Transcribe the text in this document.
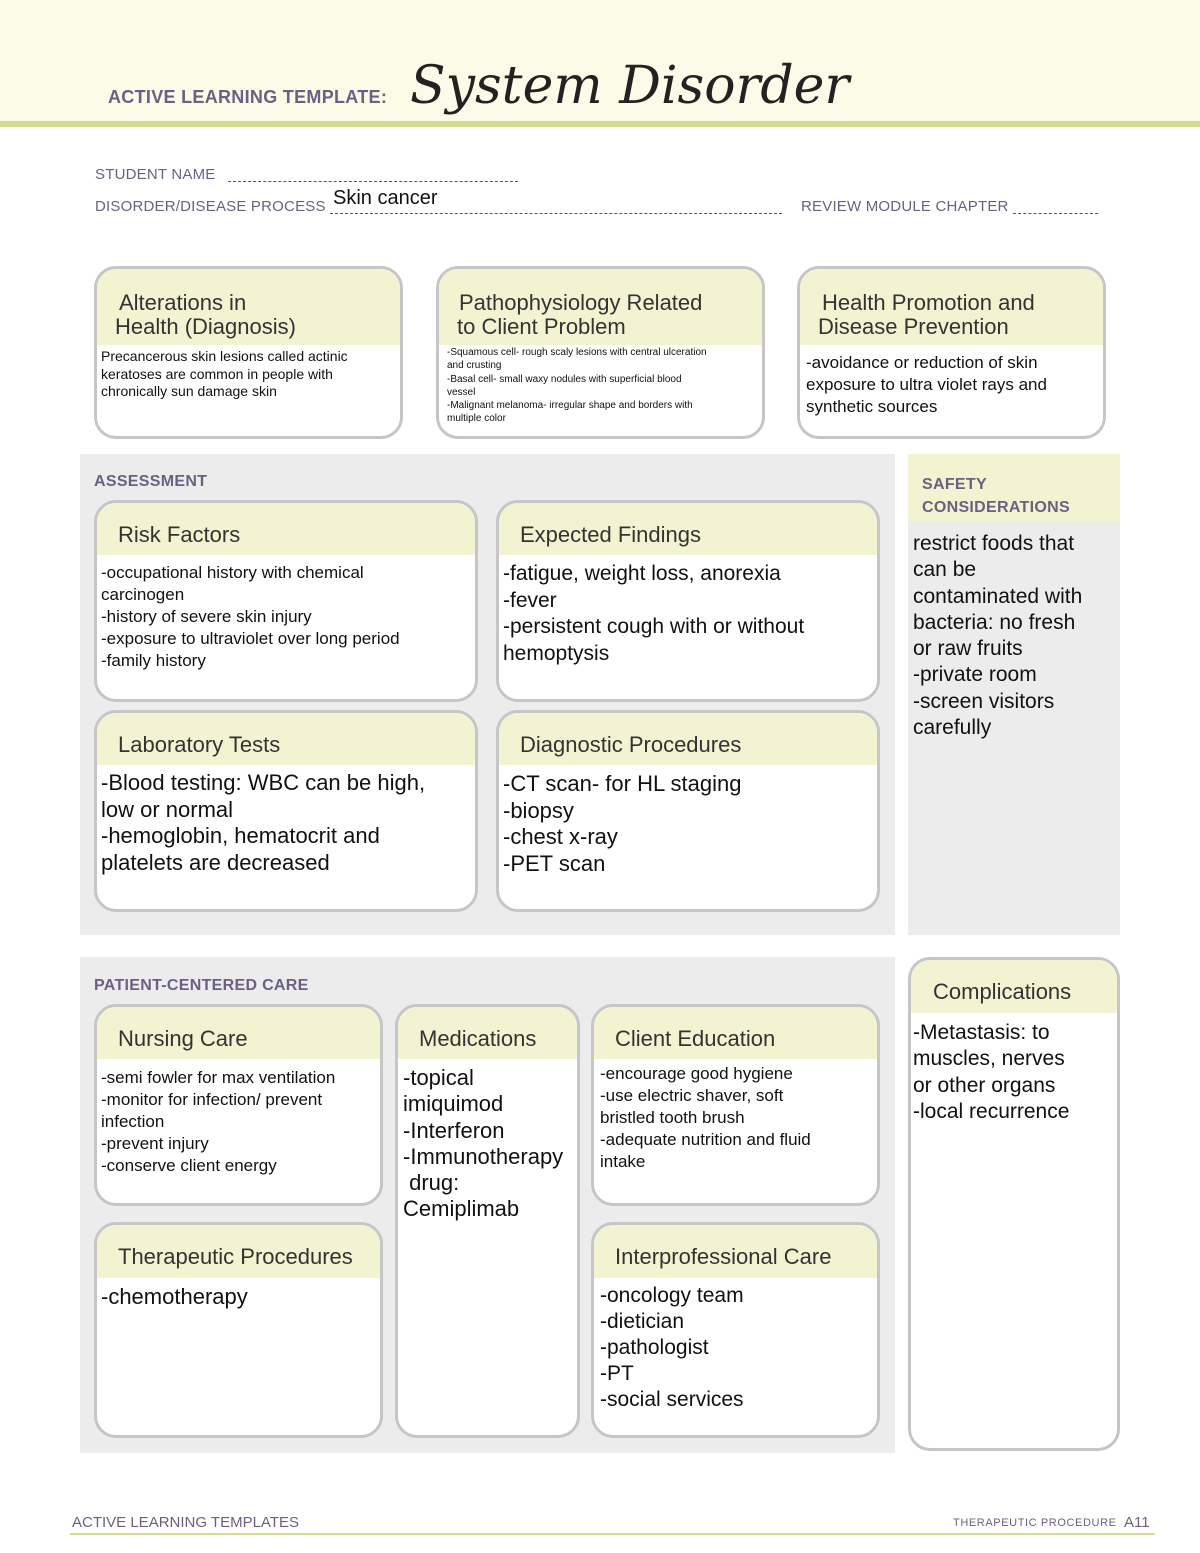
ACTIVE LEARNING TEMPLATE: System Disorder
STUDENT NAME
DISORDER/DISEASE PROCESS Skin cancer	REVIEW MODULE CHAPTER
Alterations in
Health (Diagnosis)
Precancerous skin lesions called actinic
keratoses are common in people with
chronically sun damage skin
Pathophysiology Related
to Client Problem
-Squamous cell- rough scaly lesions with central ulceration
and crusting
-Basal cell- small waxy nodules with superficial blood
vessel
-Malignant melanoma- irregular shape and borders with
multiple color
Health Promotion and
Disease Prevention
-avoidance or reduction of skin
exposure to ultra violet rays and
synthetic sources
ASSESSMENT
Risk Factors
-occupational history with chemical
carcinogen
-history of severe skin injury
-exposure to ultraviolet over long period
-family history
Expected Findings
-fatigue, weight loss, anorexia
-fever
-persistent cough with or without
hemoptysis
Laboratory Tests
-Blood testing: WBC can be high,
low or normal
-hemoglobin, hematocrit and
platelets are decreased
Diagnostic Procedures
-CT scan- for HL staging
-biopsy
-chest x-ray
-PET scan
SAFETY
CONSIDERATIONS
restrict foods that
can be
contaminated with
bacteria: no fresh
or raw fruits
-private room
-screen visitors
carefully
PATIENT-CENTERED CARE
Nursing Care
-semi fowler for max ventilation
-monitor for infection/ prevent
infection
-prevent injury
-conserve client energy
Medications
-topical
imiquimod
-Interferon
-Immunotherapy
drug:
Cemiplimab
Client Education
-encourage good hygiene
-use electric shaver, soft
bristled tooth brush
-adequate nutrition and fluid
intake
Therapeutic Procedures
-chemotherapy
Interprofessional Care
-oncology team
-dietician
-pathologist
-PT
-social services
Complications
-Metastasis: to
muscles, nerves
or other organs
-local recurrence
ACTIVE LEARNING TEMPLATES	THERAPEUTIC PROCEDURE A11
